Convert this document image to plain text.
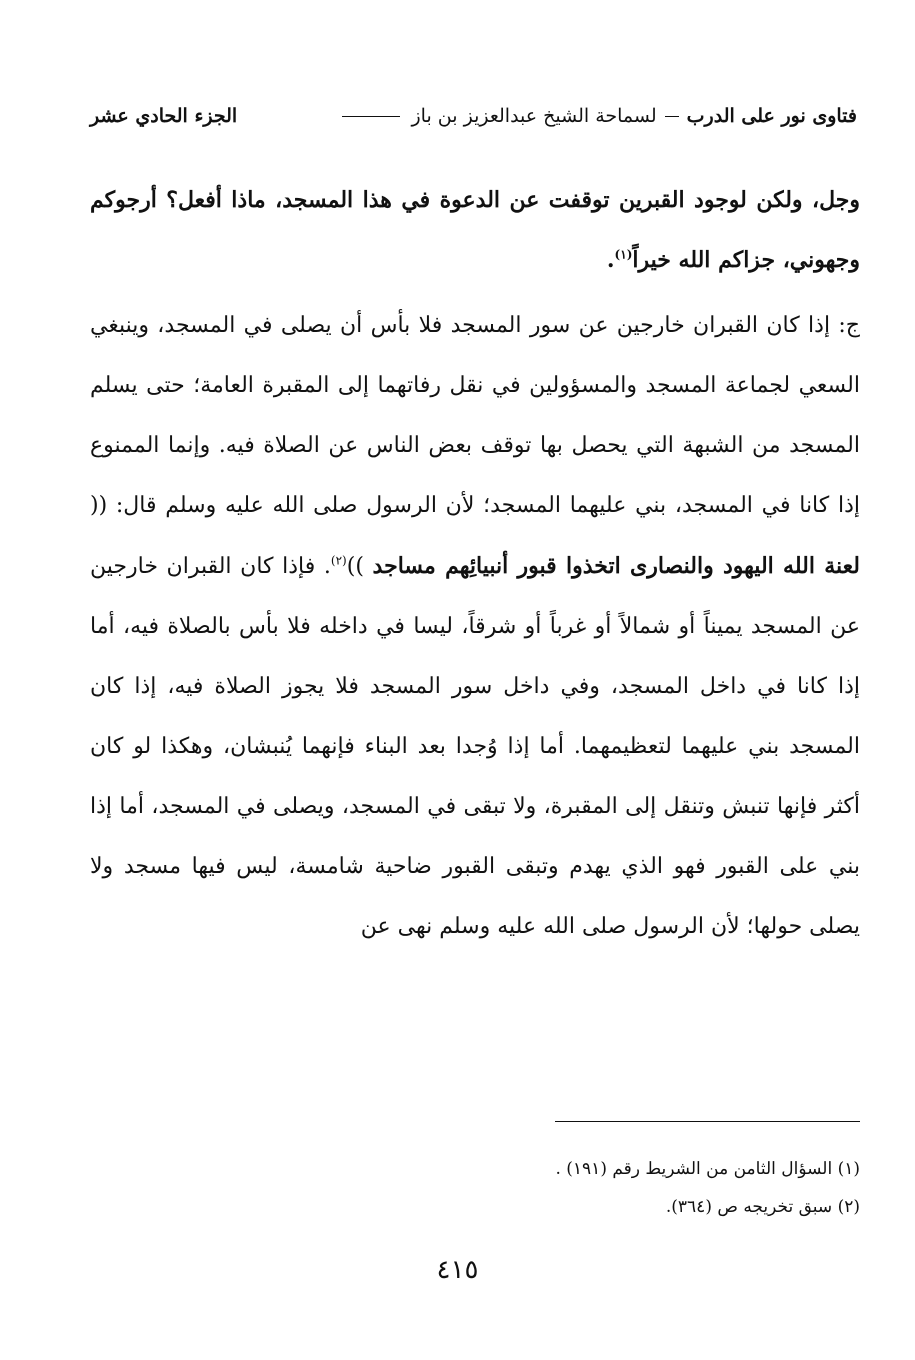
فتاوى نور على الدرب
لسماحة الشيخ عبدالعزيز بن باز
الجزء الحادي عشر

وجل، ولكن لوجود القبرين توقفت عن الدعوة في هذا المسجد، ماذا أفعل؟ أرجوكم وجهوني، جزاكم الله خيراً$^{(١)}$.

ج: إذا كان القبران خارجين عن سور المسجد فلا بأس أن يصلى في المسجد، وينبغي السعي لجماعة المسجد والمسؤولين في نقل رفاتهما إلى المقبرة العامة؛ حتى يسلم المسجد من الشبهة التي يحصل بها توقف بعض الناس عن الصلاة فيه. وإنما الممنوع إذا كانا في المسجد، بني عليهما المسجد؛ لأن الرسول صلى الله عليه وسلم قال: (( لعنة الله اليهود والنصارى اتخذوا قبور أنبيائِهم مساجد ))$^{(٢)}$. فإذا كان القبران خارجين عن المسجد يميناً أو شمالاً أو غرباً أو شرقاً، ليسا في داخله فلا بأس بالصلاة فيه، أما إذا كانا في داخل المسجد، وفي داخل سور المسجد فلا يجوز الصلاة فيه، إذا كان المسجد بني عليهما لتعظيمهما. أما إذا وُجدا بعد البناء فإنهما يُنبشان، وهكذا لو كان أكثر فإنها تنبش وتنقل إلى المقبرة، ولا تبقى في المسجد، ويصلى في المسجد، أما إذا بني على القبور فهو الذي يهدم وتبقى القبور ضاحية شامسة، ليس فيها مسجد ولا يصلى حولها؛ لأن الرسول صلى الله عليه وسلم نهى عن

(١) السؤال الثامن من الشريط رقم (١٩١) .
(٢) سبق تخريجه ص (٣٦٤).
٤١٥
